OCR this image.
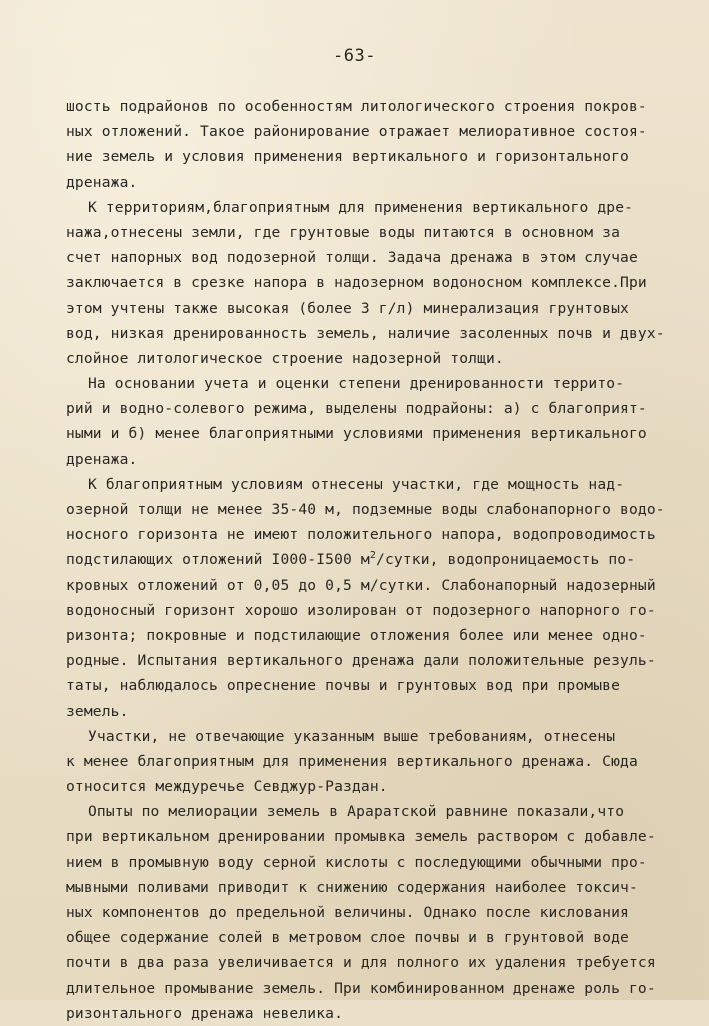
-63-

шость подрайонов по особенностям литологического строения покров-
ных отложений. Такое районирование отражает мелиоративное состоя-
ние земель и условия применения вертикального и горизонтального
дренажа.
К территориям,благоприятным для применения вертикального дре-
нажа,отнесены земли, где грунтовые воды питаются в основном за
счет напорных вод подозерной толщи. Задача дренажа в этом случае
заключается в срезке напора в надозерном водоносном комплексе.При
этом учтены также высокая (более 3 г/л) минерализация грунтовых
вод, низкая дренированность земель, наличие засоленных почв и двух-
слойное литологическое строение надозерной толщи.
На основании учета и оценки степени дренированности террито-
рий и водно-солевого режима, выделены подрайоны: а) с благоприят-
ными и б) менее благоприятными условиями применения вертикального
дренажа.
К благоприятным условиям отнесены участки, где мощность над-
озерной толщи не менее 35-40 м, подземные воды слабонапорного водо-
носного горизонта не имеют положительного напора, водопроводимость
подстилающих отложений I000-I500 $м^2$/сутки, водопроницаемость по-
кровных отложений от 0,05 до 0,5 м/сутки. Слабонапорный надозерный
водоносный горизонт хорошо изолирован от подозерного напорного го-
ризонта; покровные и подстилающие отложения более или менее одно-
родные. Испытания вертикального дренажа дали положительные резуль-
таты, наблюдалось опреснение почвы и грунтовых вод при промыве
земель.
Участки, не отвечающие указанным выше требованиям, отнесены
к менее благоприятным для применения вертикального дренажа. Сюда
относится междуречье Севджур-Раздан.
Опыты по мелиорации земель в Араратской равнине показали,что
при вертикальном дренировании промывка земель раствором с добавле-
нием в промывную воду серной кислоты с последующими обычными про-
мывными поливами приводит к снижению содержания наиболее токсич-
ных компонентов до предельной величины. Однако после кислования
общее содержание солей в метровом слое почвы и в грунтовой воде
почти в два раза увеличивается и для полного их удаления требуется
длительное промывание земель. При комбинированном дренаже роль го-
ризонтального дренажа невелика.
